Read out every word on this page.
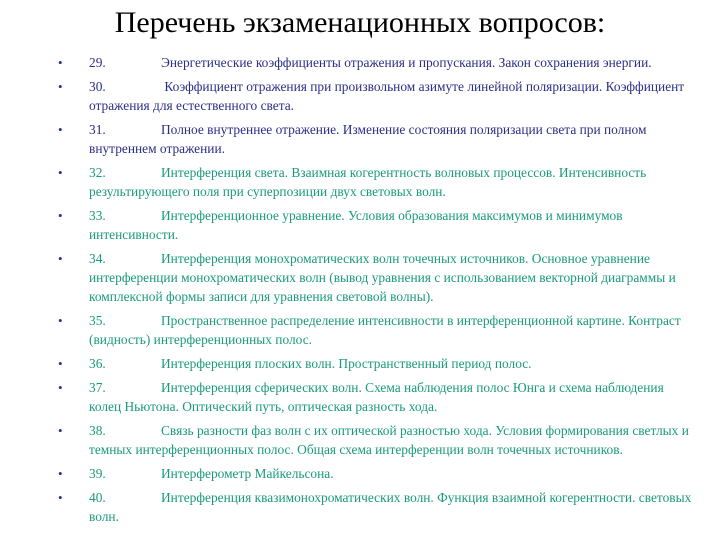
Перечень экзаменационных вопросов:
• 29.	Энергетические коэффициенты отражения и пропускания. Закон сохранения энергии.
• 30.	Коэффициент отражения при произвольном азимуте линейной поляризации. Коэффициент отражения для естественного света.
• 31.	Полное внутреннее отражение. Изменение состояния поляризации света при полном внутреннем отражении.
• 32.	Интерференция света. Взаимная когерентность волновых процессов. Интенсивность результирующего поля при суперпозиции двух световых волн.
• 33.	Интерференционное уравнение. Условия образования максимумов и минимумов интенсивности.
• 34.	Интерференция монохроматических волн точечных источников. Основное уравнение интерференции монохроматических волн (вывод уравнения с использованием векторной диаграммы и комплексной формы записи для уравнения световой волны).
• 35.	Пространственное распределение интенсивности в интерференционной картине. Контраст (видность) интерференционных полос.
• 36.	Интерференция плоских волн. Пространственный период полос.
• 37.	Интерференция сферических волн. Схема наблюдения полос Юнга и схема наблюдения колец Ньютона. Оптический путь, оптическая разность хода.
• 38.	Связь разности фаз волн с их оптической разностью хода. Условия формирования светлых и темных интерференционных полос. Общая схема интерференции волн точечных источников.
• 39.	Интерферометр Майкельсона.
• 40.	Интерференция квазимонохроматических волн. Функция взаимной когерентности. световых волн.
